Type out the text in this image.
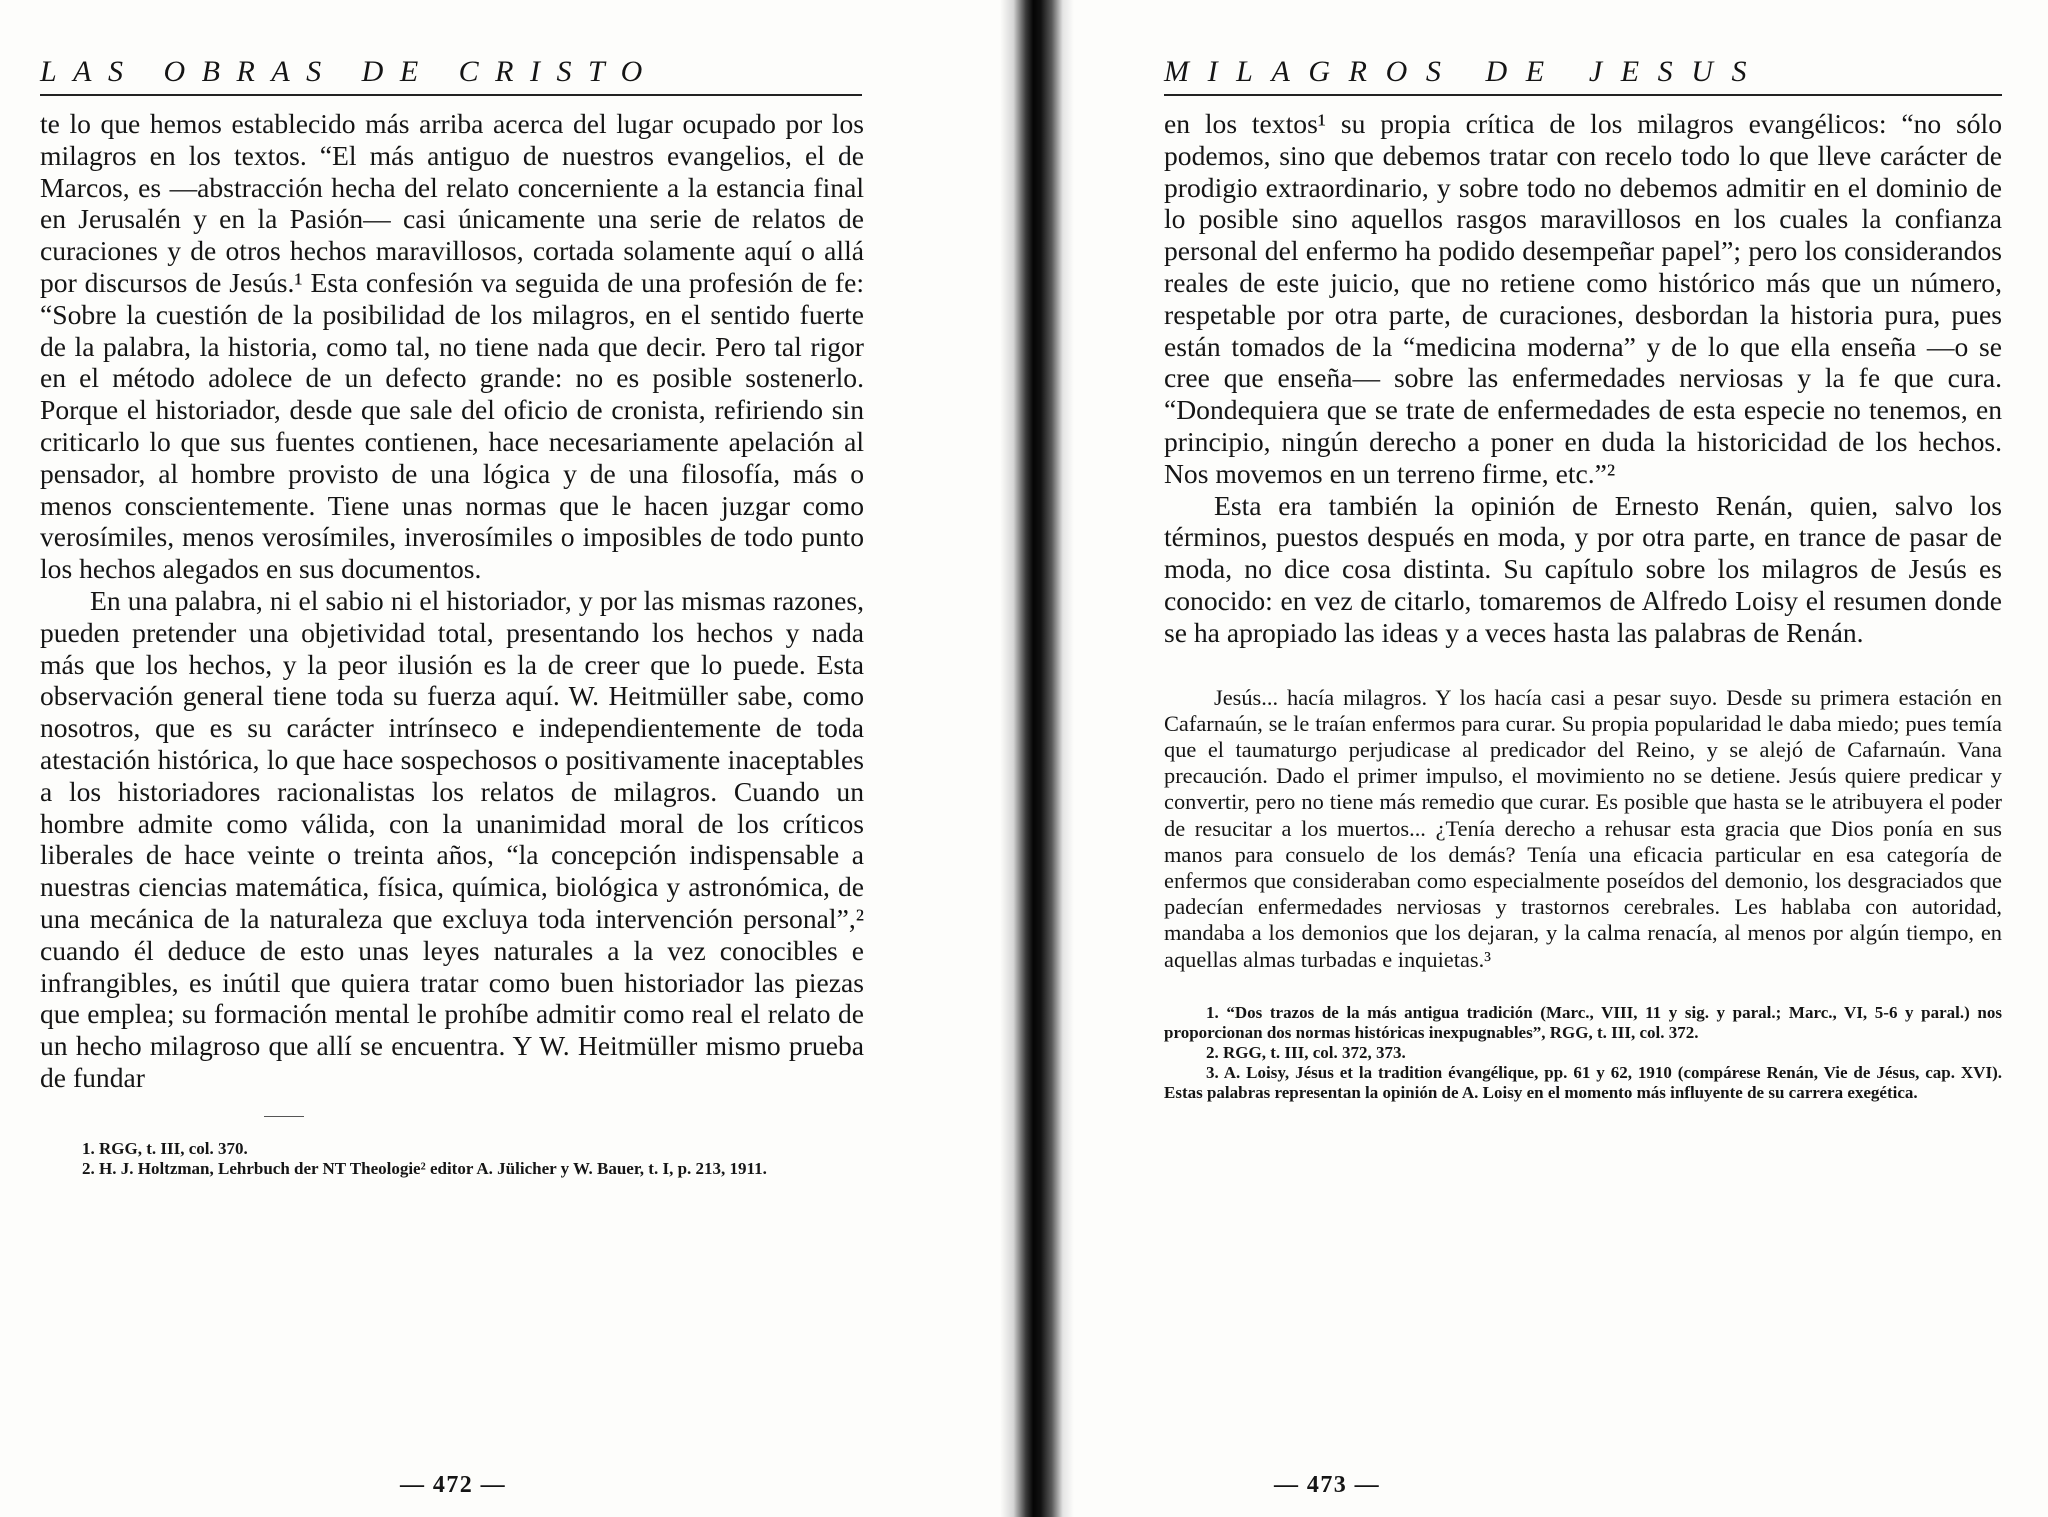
LAS OBRAS DE CRISTO

te lo que hemos establecido más arriba acerca del lugar ocupado por los milagros en los textos. “El más antiguo de nuestros evangelios, el de Marcos, es —abstracción hecha del relato concerniente a la estancia final en Jerusalén y en la Pasión— casi únicamente una serie de relatos de curaciones y de otros hechos maravillosos, cortada solamente aquí o allá por discursos de Jesús.¹ Esta confesión va seguida de una profesión de fe: “Sobre la cuestión de la posibilidad de los milagros, en el sentido fuerte de la palabra, la historia, como tal, no tiene nada que decir. Pero tal rigor en el método adolece de un defecto grande: no es posible sostenerlo. Porque el historiador, desde que sale del oficio de cronista, refiriendo sin criticarlo lo que sus fuentes contienen, hace necesariamente apelación al pensador, al hombre provisto de una lógica y de una filosofía, más o menos conscientemente. Tiene unas normas que le hacen juzgar como verosímiles, menos verosímiles, inverosímiles o imposibles de todo punto los hechos alegados en sus documentos.

En una palabra, ni el sabio ni el historiador, y por las mismas razones, pueden pretender una objetividad total, presentando los hechos y nada más que los hechos, y la peor ilusión es la de creer que lo puede. Esta observación general tiene toda su fuerza aquí. W. Heitmüller sabe, como nosotros, que es su carácter intrínseco e independientemente de toda atestación histórica, lo que hace sospechosos o positivamente inaceptables a los historiadores racionalistas los relatos de milagros. Cuando un hombre admite como válida, con la unanimidad moral de los críticos liberales de hace veinte o treinta años, “la concepción indispensable a nuestras ciencias matemática, física, química, biológica y astronómica, de una mecánica de la naturaleza que excluya toda intervención personal”,² cuando él deduce de esto unas leyes naturales a la vez conocibles e infrangibles, es inútil que quiera tratar como buen historiador las piezas que emplea; su formación mental le prohíbe admitir como real el relato de un hecho milagroso que allí se encuentra. Y W. Heitmüller mismo prueba de fundar

1. RGG, t. III, col. 370.

2. H. J. Holtzman, Lehrbuch der NT Theologie² editor A. Jülicher y W. Bauer, t. I, p. 213, 1911.

— 472 —
MILAGROS DE JESUS

en los textos¹ su propia crítica de los milagros evangélicos: “no sólo podemos, sino que debemos tratar con recelo todo lo que lleve carácter de prodigio extraordinario, y sobre todo no debemos admitir en el dominio de lo posible sino aquellos rasgos maravillosos en los cuales la confianza personal del enfermo ha podido desempeñar papel”; pero los considerandos reales de este juicio, que no retiene como histórico más que un número, respetable por otra parte, de curaciones, desbordan la historia pura, pues están tomados de la “medicina moderna” y de lo que ella enseña —o se cree que enseña— sobre las enfermedades nerviosas y la fe que cura. “Dondequiera que se trate de enfermedades de esta especie no tenemos, en principio, ningún derecho a poner en duda la historicidad de los hechos. Nos movemos en un terreno firme, etc.”²

Esta era también la opinión de Ernesto Renán, quien, salvo los términos, puestos después en moda, y por otra parte, en trance de pasar de moda, no dice cosa distinta. Su capítulo sobre los milagros de Jesús es conocido: en vez de citarlo, tomaremos de Alfredo Loisy el resumen donde se ha apropiado las ideas y a veces hasta las palabras de Renán.

Jesús... hacía milagros. Y los hacía casi a pesar suyo. Desde su primera estación en Cafarnaún, se le traían enfermos para curar. Su propia popularidad le daba miedo; pues temía que el taumaturgo perjudicase al predicador del Reino, y se alejó de Cafarnaún. Vana precaución. Dado el primer impulso, el movimiento no se detiene. Jesús quiere predicar y convertir, pero no tiene más remedio que curar. Es posible que hasta se le atribuyera el poder de resucitar a los muertos... ¿Tenía derecho a rehusar esta gracia que Dios ponía en sus manos para consuelo de los demás? Tenía una eficacia particular en esa categoría de enfermos que consideraban como especialmente poseídos del demonio, los desgraciados que padecían enfermedades nerviosas y trastornos cerebrales. Les hablaba con autoridad, mandaba a los demonios que los dejaran, y la calma renacía, al menos por algún tiempo, en aquellas almas turbadas e inquietas.³

1. “Dos trazos de la más antigua tradición (Marc., VIII, 11 y sig. y paral.; Marc., VI, 5-6 y paral.) nos proporcionan dos normas históricas inexpugnables”, RGG, t. III, col. 372.

2. RGG, t. III, col. 372, 373.

3. A. Loisy, Jésus et la tradition évangélique, pp. 61 y 62, 1910 (compárese Renán, Vie de Jésus, cap. XVI). Estas palabras representan la opinión de A. Loisy en el momento más influyente de su carrera exegética.

— 473 —
